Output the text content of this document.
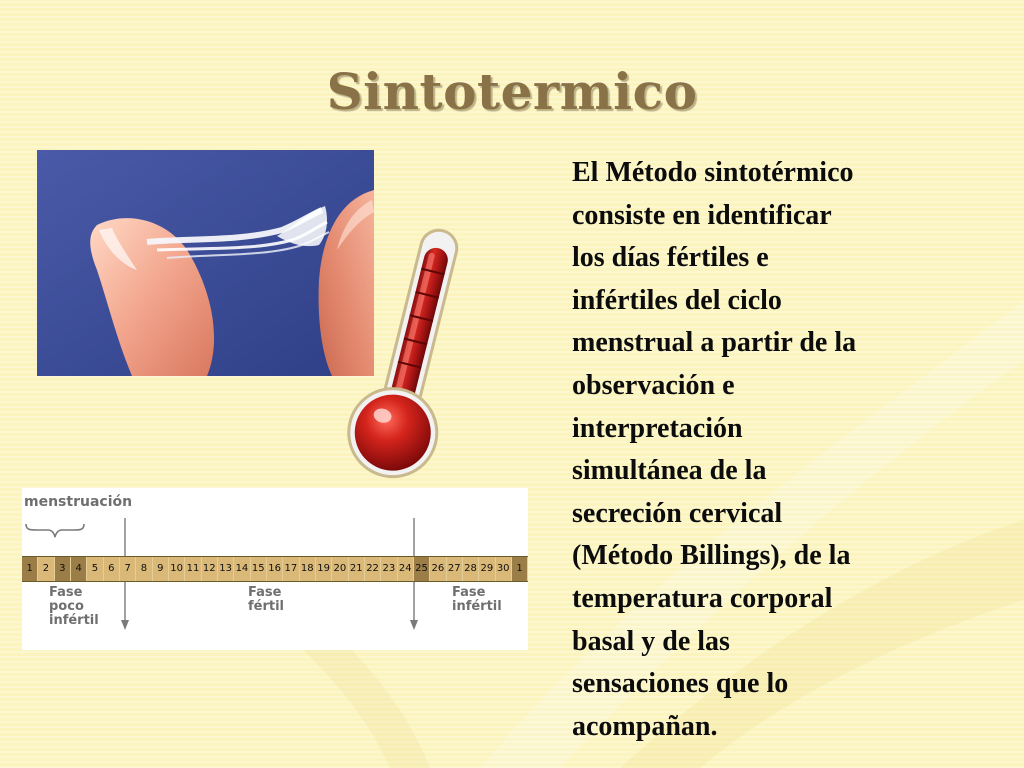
Sintotermico
El Método sintotérmico
consiste en identificar
los días fértiles e
infértiles del ciclo
menstrual a partir de la
observación e
interpretación
simultánea de la
secreción cervical
(Método Billings), de la
temperatura corporal
basal y de las
sensaciones que lo
acompañan.
menstruación
1 2 3 4 5 6 7 8 9 10 11 12 13 14 15 16 17 18 19 20 21 22 23 24 25 26 27 28 29 30 1
Fase
poco
infértil
Fase
fértil
Fase
infértil
